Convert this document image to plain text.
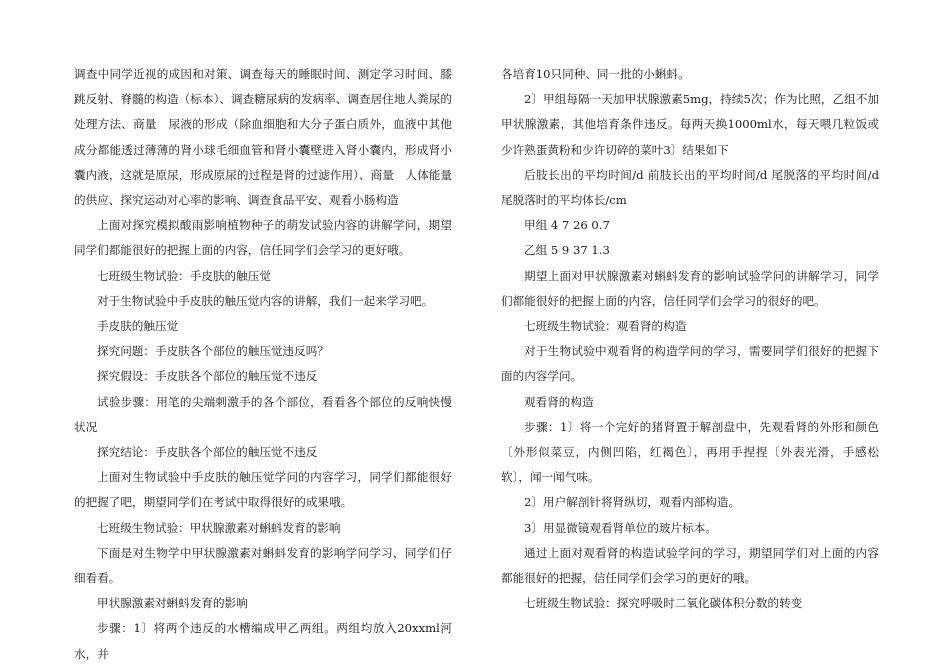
调查中同学近视的成因和对策、调查每天的睡眠时间、测定学习时间、膝跳反射、脊髓的构造（标本）、调查糖尿病的发病率、调查居住地人粪尿的处理方法、商量　尿液的形成（除血细胞和大分子蛋白质外，血液中其他成分都能透过薄薄的肾小球毛细血管和肾小囊壁进入肾小囊内，形成肾小囊内液，这就是原尿，形成原尿的过程是肾的过滤作用）、商量　人体能量的供应、探究运动对心率的影响、调查食品平安、观看小肠构造

上面对探究模拟酸雨影响植物种子的萌发试验内容的讲解学问，期望同学们都能很好的把握上面的内容，信任同学们会学习的更好哦。

七班级生物试验：手皮肤的触压觉

对于生物试验中手皮肤的触压觉内容的讲解，我们一起来学习吧。

手皮肤的触压觉

探究问题：手皮肤各个部位的触压觉违反吗？

探究假设：手皮肤各个部位的触压觉不违反

试验步骤：用笔的尖端刺激手的各个部位，看看各个部位的反响快慢状况

探究结论：手皮肤各个部位的触压觉不违反

上面对生物试验中手皮肤的触压觉学问的内容学习，同学们都能很好的把握了吧，期望同学们在考试中取得很好的成果哦。

七班级生物试验：甲状腺激素对蝌蚪发育的影响

下面是对生物学中甲状腺激素对蝌蚪发育的影响学问学习，同学们仔细看看。

甲状腺激素对蝌蚪发育的影响

步骤：1〕将两个违反的水槽编成甲乙两组。两组均放入20xxml河水，并

各培育10只同种、同一批的小蝌蚪。

2〕甲组每隔一天加甲状腺激素5mg，持续5次；作为比照，乙组不加甲状腺激素，其他培育条件违反。每两天换1000ml水，每天喂几粒饭或少许熟蛋黄粉和少许切碎的菜叶3〕结果如下

后肢长出的平均时间/d 前肢长出的平均时间/d 尾脱落的平均时间/d 尾脱落时的平均体长/cm

甲组 4 7 26 0.7

乙组 5 9 37 1.3

期望上面对甲状腺激素对蝌蚪发育的影响试验学问的讲解学习，同学们都能很好的把握上面的内容，信任同学们会学习的很好的吧。

七班级生物试验：观看肾的构造

对于生物试验中观看肾的构造学问的学习，需要同学们很好的把握下面的内容学问。

观看肾的构造

步骤：1〕将一个完好的猪肾置于解剖盘中，先观看肾的外形和颜色〔外形似菜豆，内侧凹陷，红褐色〕，再用手捏捏〔外表光滑，手感松软〕，闻一闻气味。

2〕用户解剖针将肾纵切，观看内部构造。

3〕用显微镜观看肾单位的玻片标本。

通过上面对观看肾的构造试验学问的学习，期望同学们对上面的内容都能很好的把握，信任同学们会学习的更好的哦。

七班级生物试验：探究呼吸时二氧化碳体积分数的转变
